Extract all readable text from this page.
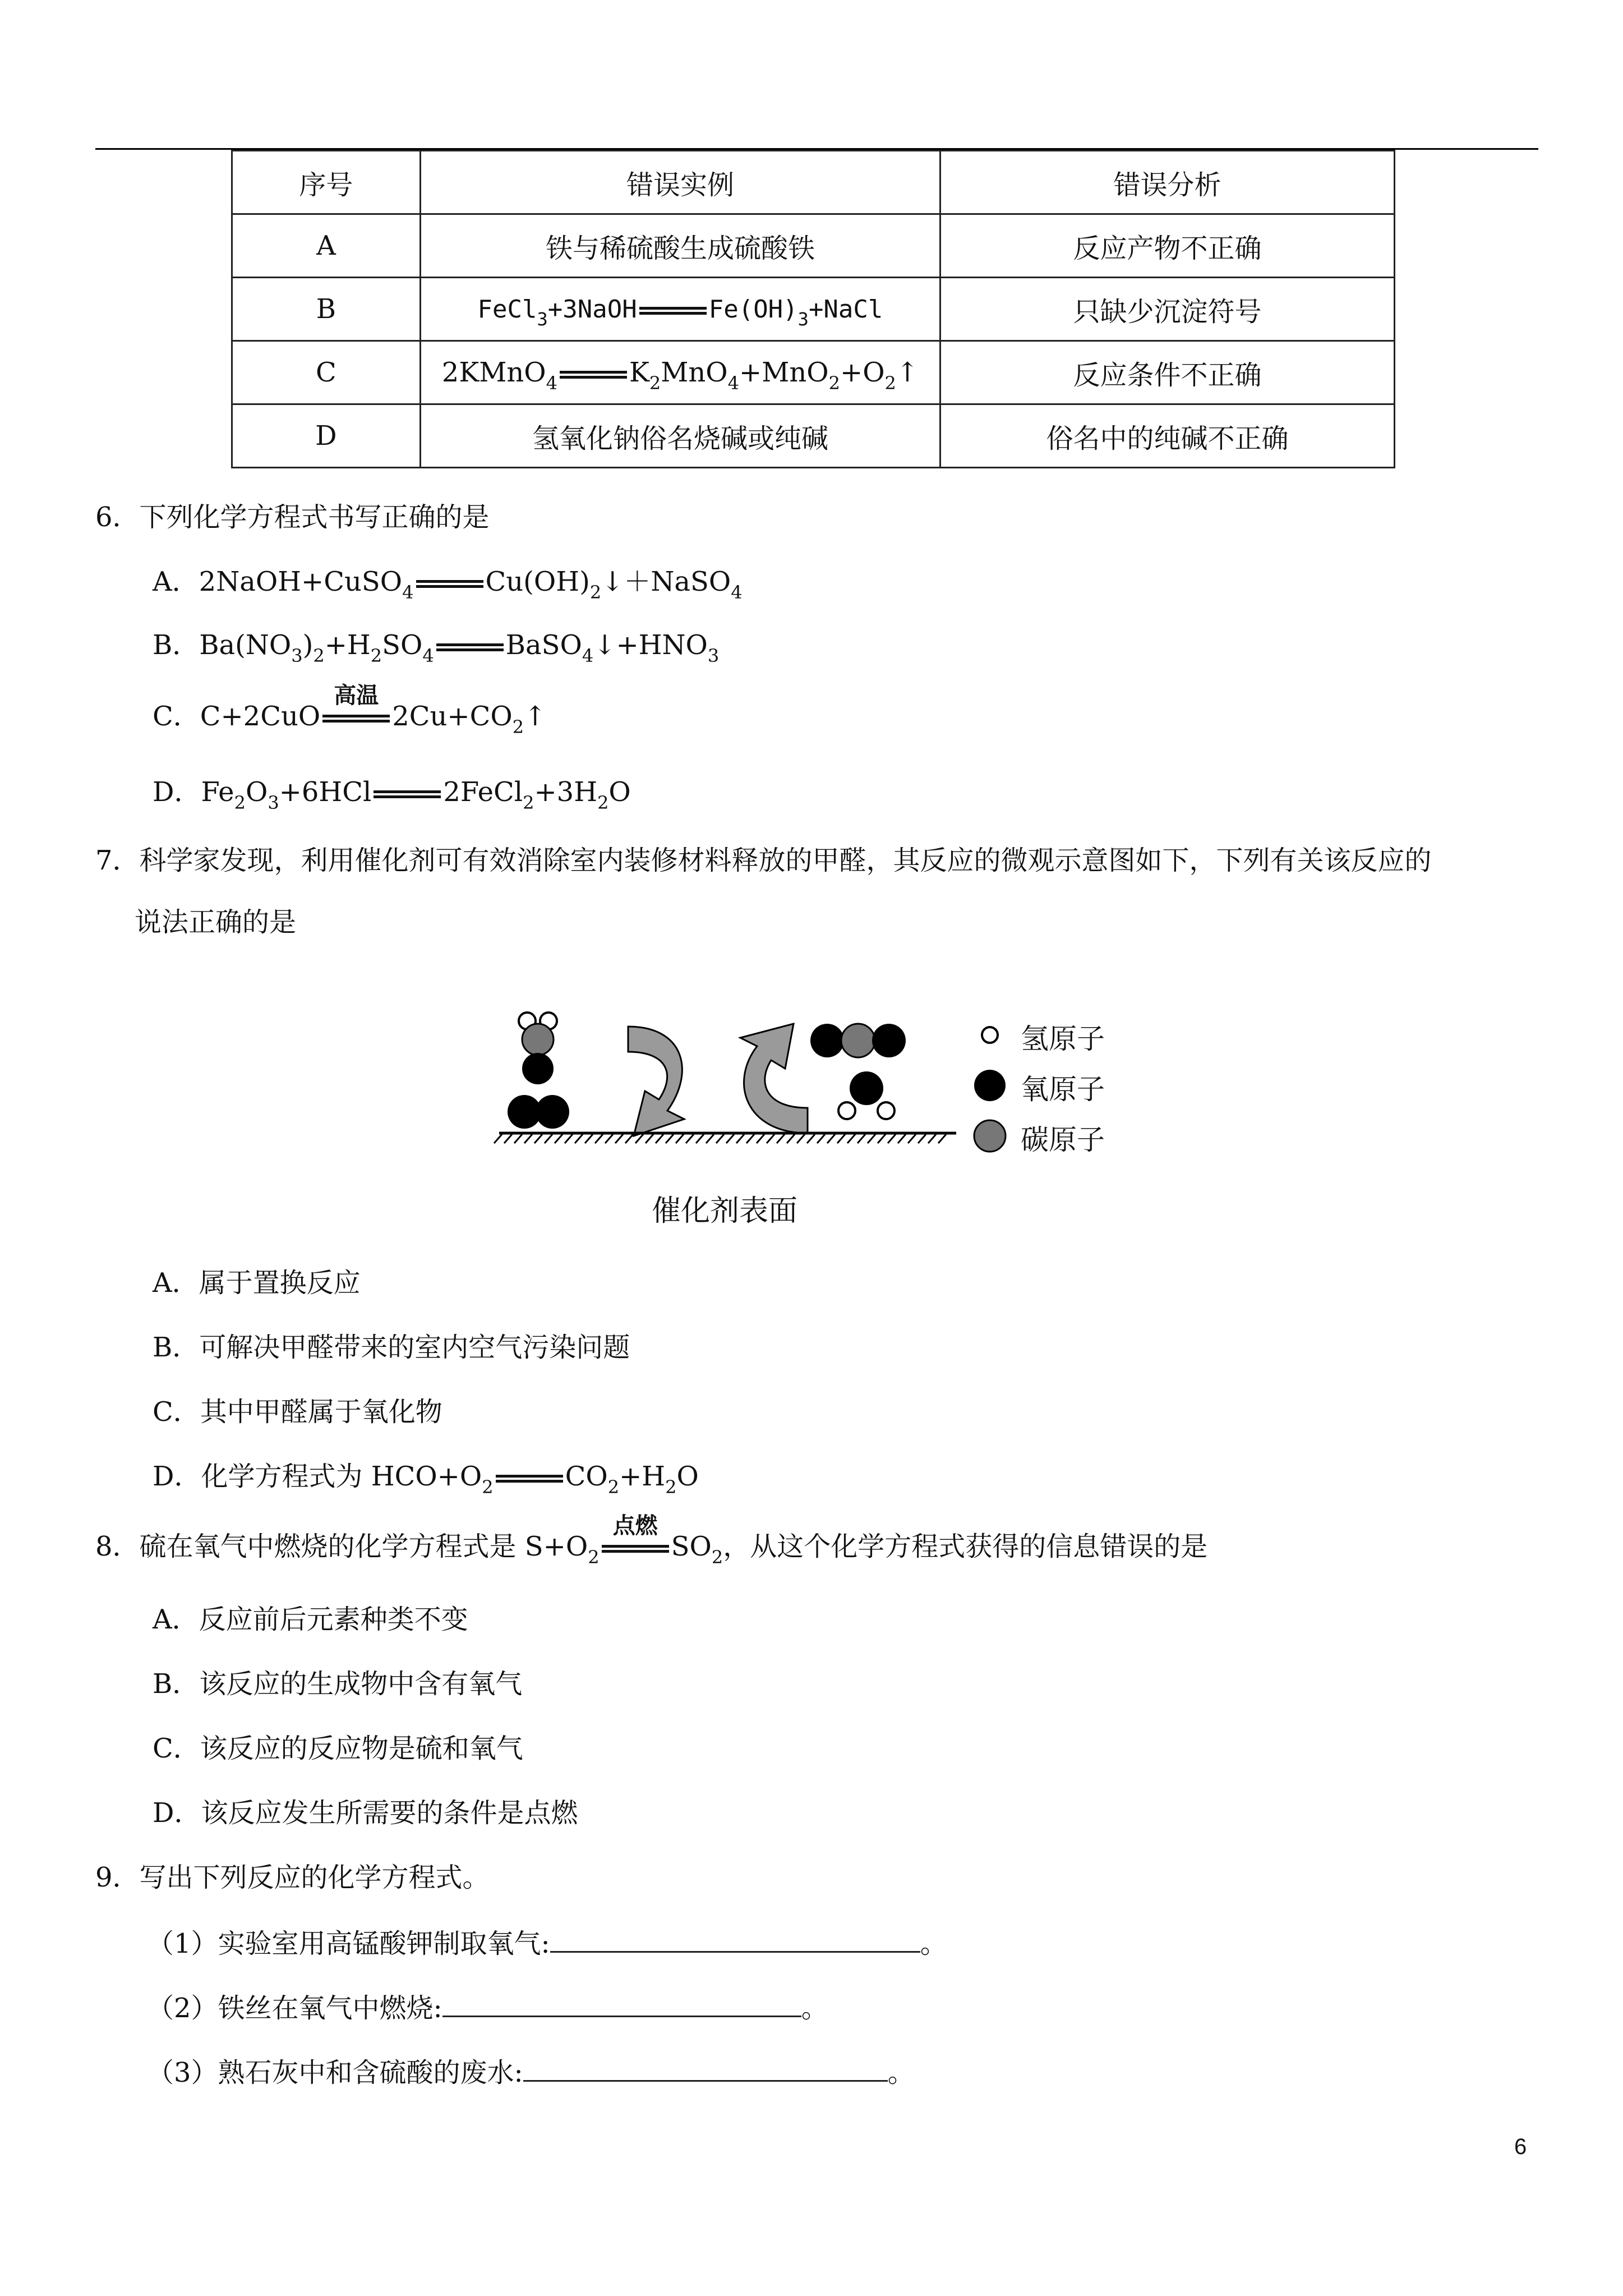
序号	错误实例	错误分析
A	铁与稀硫酸生成硫酸铁	反应产物不正确
B	FeCl$_3$+3NaOH $Fe(OH)_3+NaCl$	只缺少沉淀符号
C	2KMnO$_4$ $K_2MnO_4+MnO_2+O_2↑$	反应条件不正确
D	氢氧化钠俗名烧碱或纯碱	俗名中的纯碱不正确
6．下列化学方程式书写正确的是
A．2NaOH+CuSO$_4$	$Cu(OH)_2↓+NaSO_4$
B．$Ba(NO_3)_2+H_2SO_4$	$BaSO_4↓+HNO_3$
C．C+2CuO
高温
$2Cu+CO_2↑$
D．$Fe_2O_3+6HCl$	$2FeCl_2+3H_2O$
7．科学家发现，利用催化剂可有效消除室内装修材料释放的甲醛，其反应的微观示意图如下，下列有关该反应的
说法正确的是
氢原子
氧原子
碳原子
催化剂表面
A．属于置换反应
B．可解决甲醛带来的室内空气污染问题
C．其中甲醛属于氧化物
D．化学方程式为 $HCO+O_2$	$CO_2+H_2O$
8．硫在氧气中燃烧的化学方程式是 $S+O_2$
点燃
$SO_2$，从这个化学方程式获得的信息错误的是
A．反应前后元素种类不变
B．该反应的生成物中含有氧气
C．该反应的反应物是硫和氧气
D．该反应发生所需要的条件是点燃
9．写出下列反应的化学方程式。
（1）实验室用高锰酸钾制取氧气:	。
（2）铁丝在氧气中燃烧:	。
（3）熟石灰中和含硫酸的废水:	。
6
